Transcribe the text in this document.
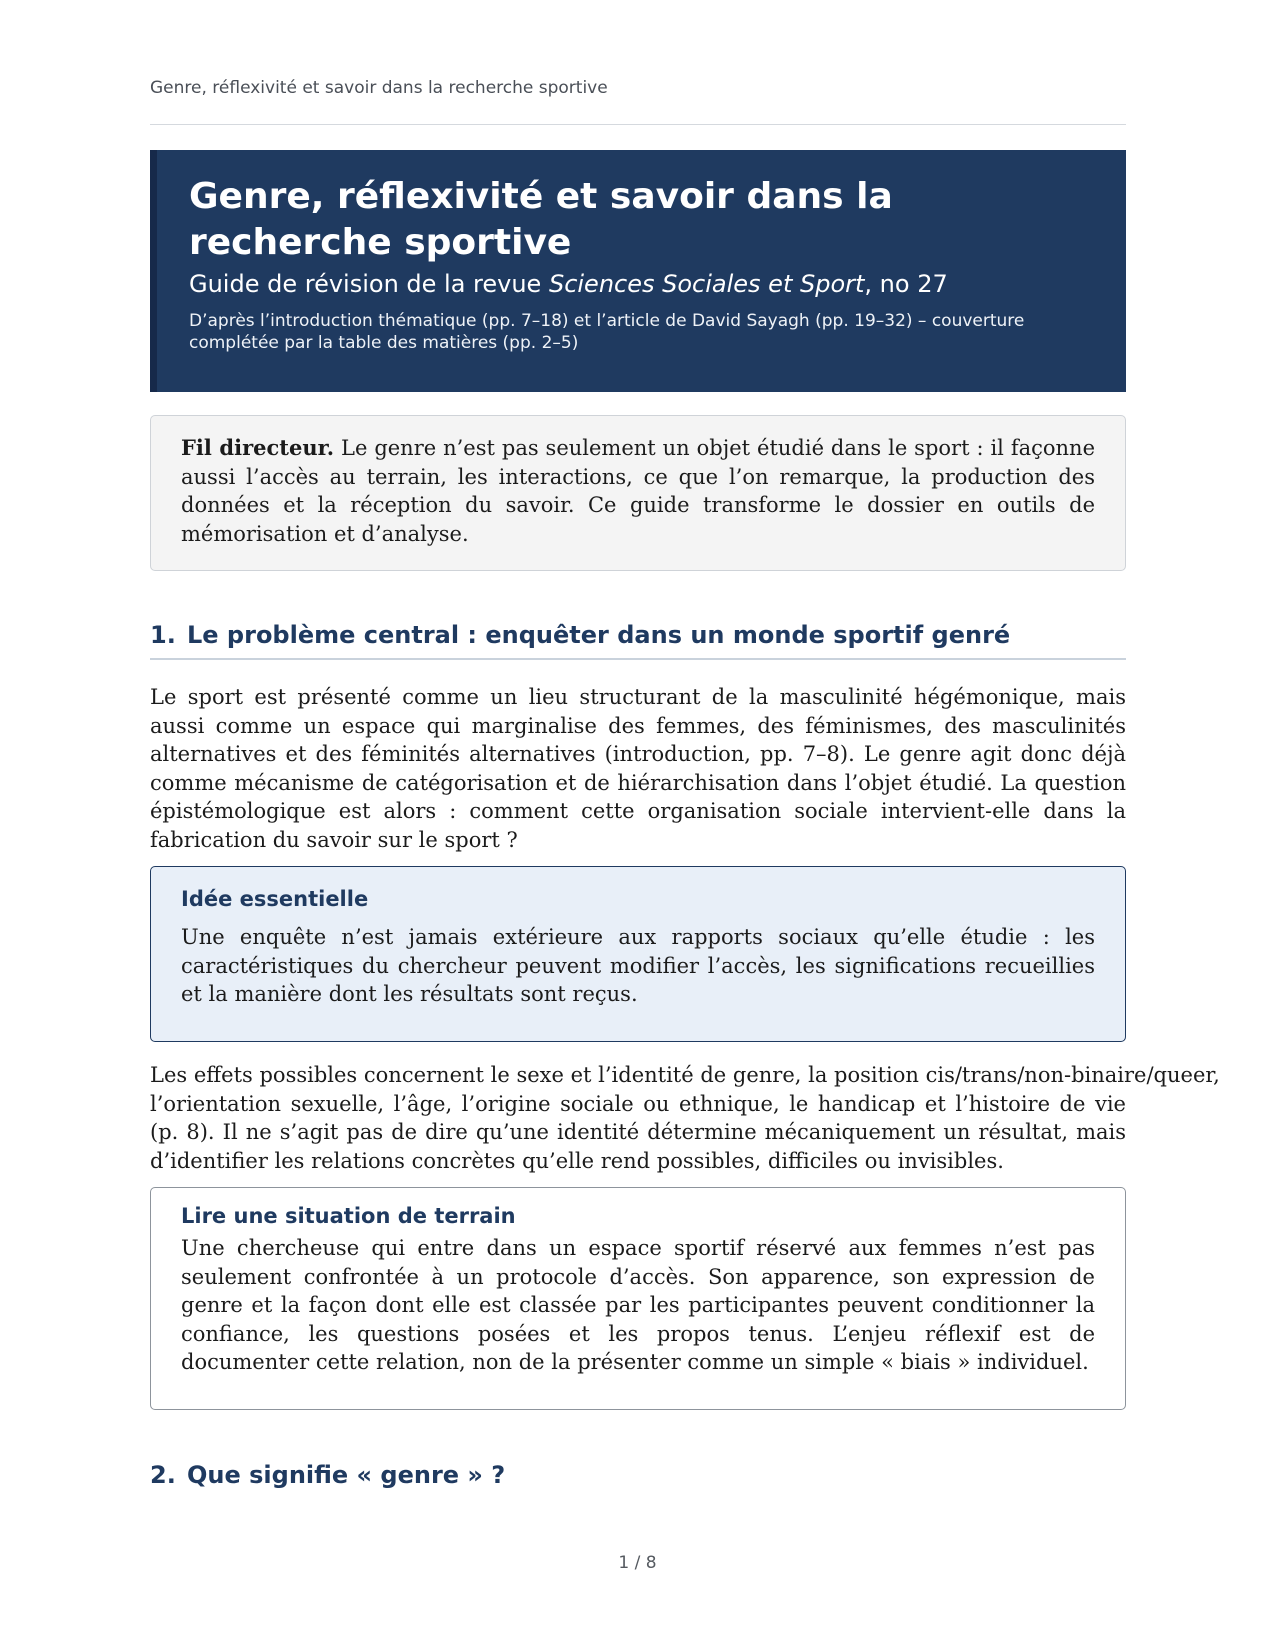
Genre, réflexivité et savoir dans la recherche sportive
Genre, réflexivité et savoir dans la recherche sportive
Guide de révision de la revue Sciences Sociales et Sport, no 27
D’après l’introduction thématique (pp. 7–18) et l’article de David Sayagh (pp. 19–32) – couverture complétée par la table des matières (pp. 2–5)
Fil directeur. Le genre n’est pas seulement un objet étudié dans le sport : il façonne aussi l’accès au terrain, les interactions, ce que l’on remarque, la production des données et la réception du savoir. Ce guide transforme le dossier en outils de mémorisation et d’analyse.
1. Le problème central : enquêter dans un monde sportif genré

Le sport est présenté comme un lieu structurant de la masculinité hégémonique, mais aussi comme un espace qui marginalise des femmes, des féminismes, des masculinités alternatives et des féminités alternatives (introduction, pp. 7–8). Le genre agit donc déjà comme mécanisme de catégorisation et de hiérarchisation dans l’objet étudié. La question épistémologique est alors : comment cette organisation sociale intervient-elle dans la fabrication du savoir sur le sport ?

Idée essentielle

Une enquête n’est jamais extérieure aux rapports sociaux qu’elle étudie : les caractéristiques du chercheur peuvent modifier l’accès, les significations recueillies et la manière dont les résultats sont reçus.

Les effets possibles concernent le sexe et l’identité de genre, la position cis/trans/non-binaire/queer,

l’orientation sexuelle, l’âge, l’origine sociale ou ethnique, le handicap et l’histoire de vie (p. 8). Il ne s’agit pas de dire qu’une identité détermine mécaniquement un résultat, mais d’identifier les relations concrètes qu’elle rend possibles, difficiles ou invisibles.

Lire une situation de terrain

Une chercheuse qui entre dans un espace sportif réservé aux femmes n’est pas seulement confrontée à un protocole d’accès. Son apparence, son expression de genre et la façon dont elle est classée par les participantes peuvent conditionner la confiance, les questions posées et les propos tenus. L’enjeu réflexif est de documenter cette relation, non de la présenter comme un simple « biais » individuel.

2. Que signifie « genre » ?
1 / 8
